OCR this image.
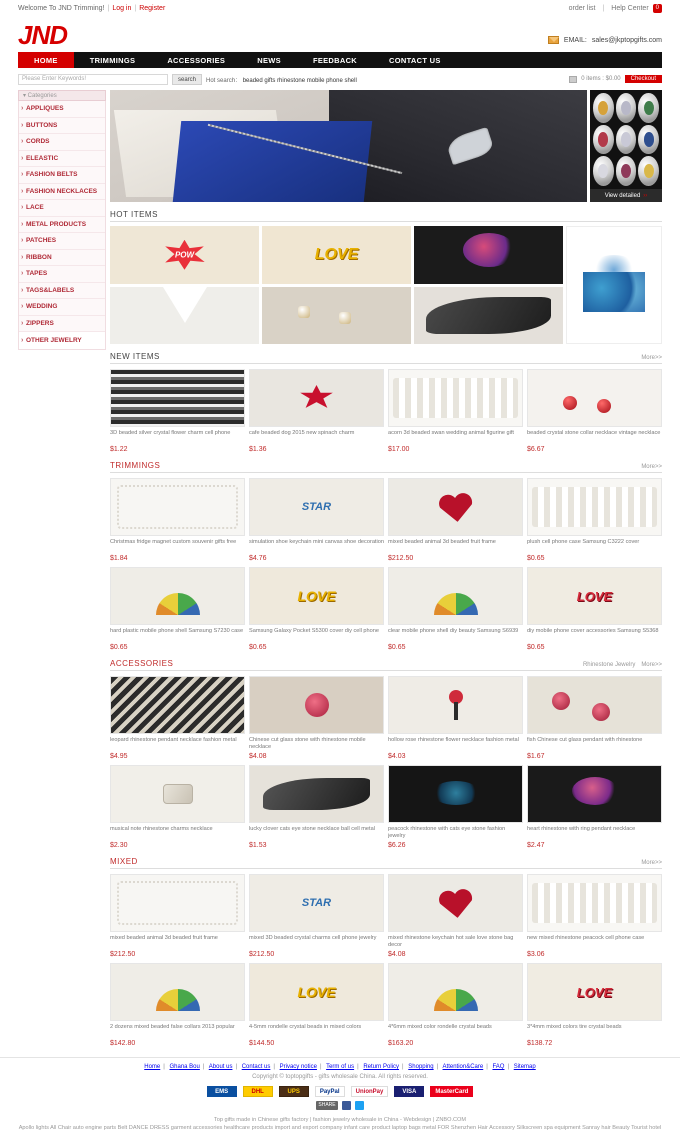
Welcome To JND Trimming! | Log in | Register	order list | Help Center	0
JND	EMAIL: sales@jkptopgifts.com
HOME	TRIMMINGS	ACCESSORIES	NEWS	FEEDBACK	CONTACT US
Please Enter Keywords!	search	Hot search： beaded gifts rhinestone mobile phone shell	0 items : $0.00	Checkout
▾ Categories
› APPLIQUES
› BUTTONS
› CORDS
› ELEASTIC
› FASHION BELTS
› FASHION NECKLACES
› LACE
› METAL PRODUCTS
› PATCHES
› RIBBON
› TAPES
› TAGS&LABELS
› WEDDING
› ZIPPERS
› OTHER JEWELRY
View detailed ››
HOT ITEMS
POW	LOVE
NEW ITEMS	More>>
3D beaded silver crystal flower charm cell phone
$1.22
cafe beaded dog 2015 new spinach charm
$1.36
acorn 3d beaded swan wedding animal figurine gift
$17.00
beaded crystal stone collar necklace vintage necklace
$6.67
TRIMMINGS	More>>
Christmas fridge magnet custom souvenir gifts free
$1.84
STAR
simulation shoe keychain mini canvas shoe decoration
$4.76
mixed beaded animal 3d beaded fruit frame
$212.50
plush cell phone case Samsung C3222 cover
$0.65
hard plastic mobile phone shell Samsung S7230 case
$0.65
LOVE
Samsung Galaxy Pocket S5300 cover diy cell phone
$0.65
clear mobile phone shell diy beauty Samsung S6939
$0.65
LOVE
diy mobile phone cover accessories Samsung S5368
$0.65
ACCESSORIES	Rhinestone Jewelry More>>
leopard rhinestone pendant necklace fashion metal
$4.95
Chinese cut glass stone with rhinestone mobile necklace
$4.08
hollow rose rhinestone flower necklace fashion metal
$4.03
fish Chinese cut glass pendant with rhinestone
$1.67
musical note rhinestone charms necklace
$2.30
lucky clover cats eye stone necklace ball cell metal
$1.53
peacock rhinestone with cats eye stone fashion jewelry
$6.26
heart rhinestone with ring pendant necklace
$2.47
MIXED	More>>
mixed beaded animal 3d beaded fruit frame
$212.50
STAR
mixed 3D beaded crystal charms cell phone jewelry
$212.50
mixed rhinestone keychain hot sale love stone bag decor
$4.08
new mixed rhinestone peacock cell phone case
$3.06
2 dozens mixed beaded false collars 2013 popular
$142.80
LOVE
4-5mm rondelle crystal beads in mixed colors
$144.50
4*6mm mixed color rondelle crystal beads
$163.20
LOVE
3*4mm mixed colors tire crystal beads
$138.72
Home | Ghana Bou | About us | Contact us | Privacy notice | Term of us | Return Policy | Shopping | Attention&Care | FAQ | Sitemap
Copyright © toptopgifts - gifts wholesale China. All rights reserved.
EMS	DHL	UPS	PayPal	UnionPay	VISA	MasterCard
SHARE
Top gifts made in Chinese gifts factory | fashion jewelry wholesale in China - Webdesign | ZNBO.COM
Apollo lights All Chair auto engine parts Belt DANCE DRESS garment accessories healthcare products import and export company infant care product laptop bags metal FOR Shenzhen Hair Accessory Silkscreen spa equipment Sanray hair Beauty Tourist hotel
